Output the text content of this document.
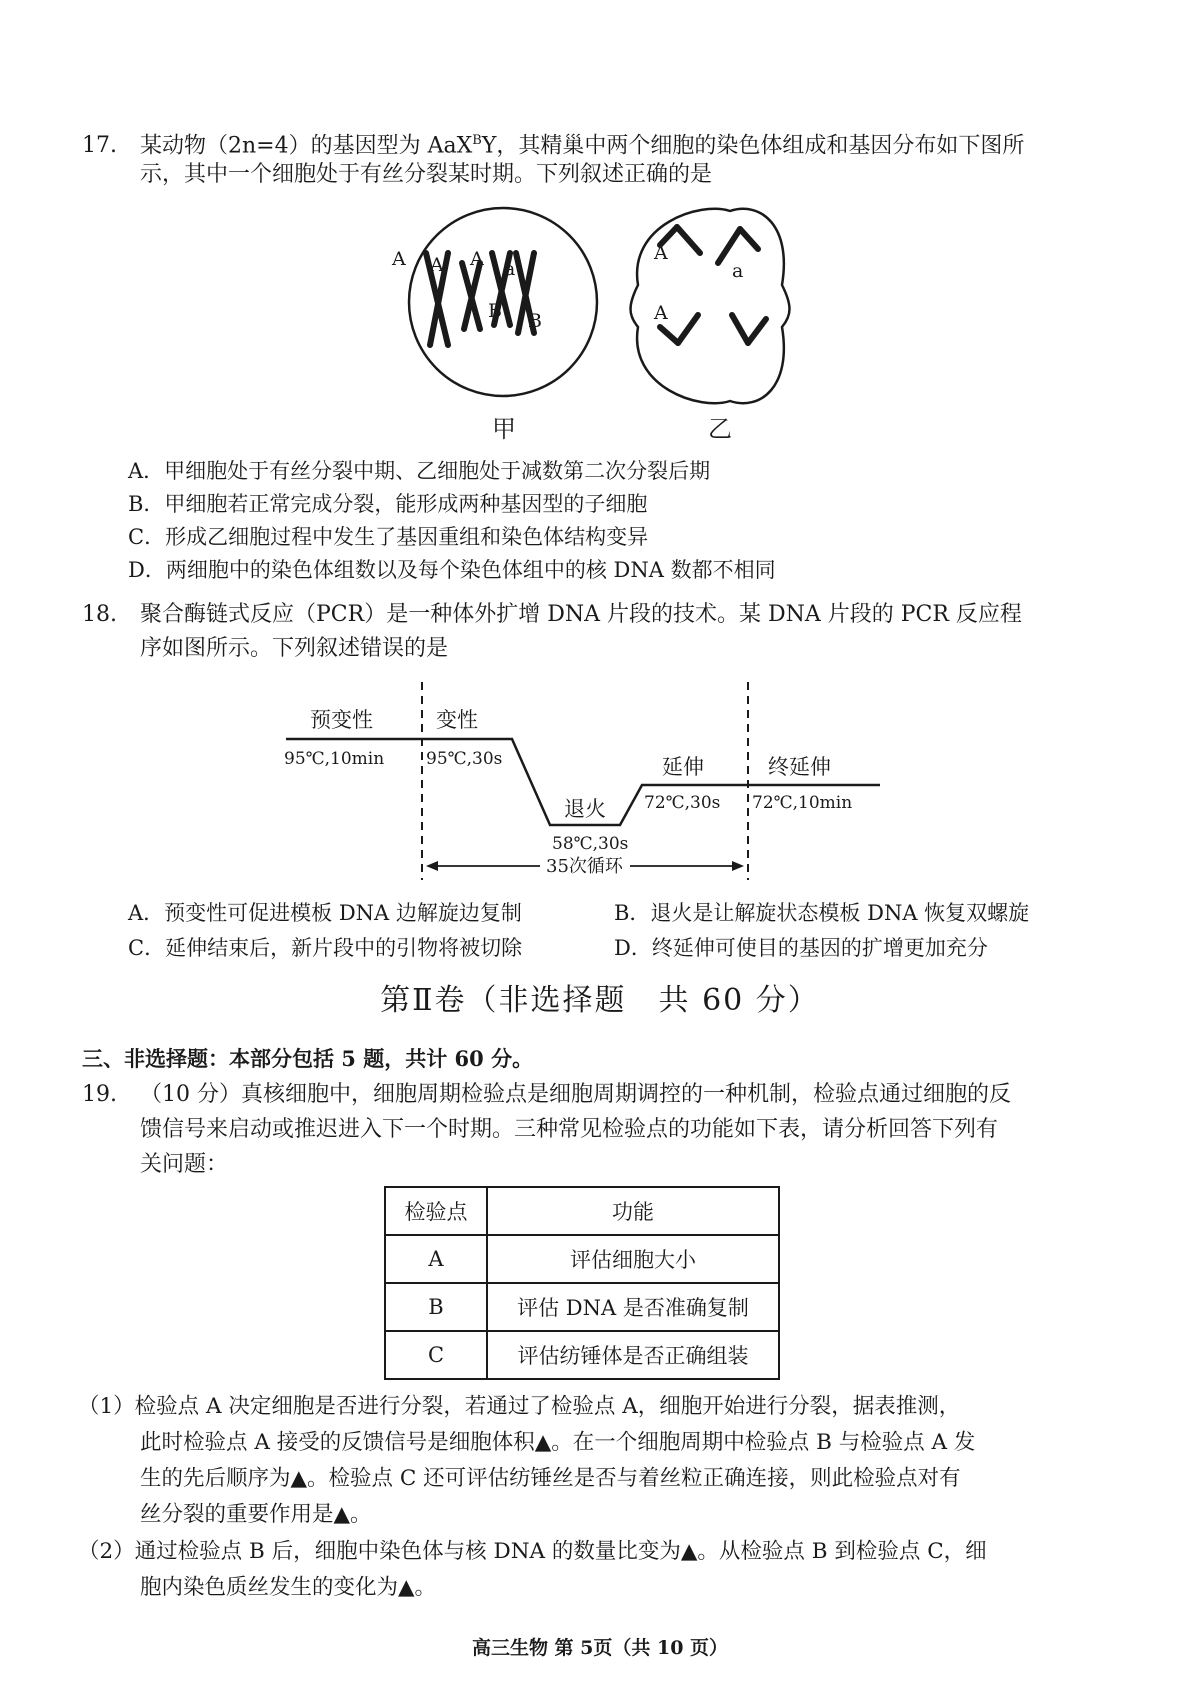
17. 某动物（2n=4）的基因型为 AaX$^B$Y，其精巢中两个细胞的染色体组成和基因分布如下图所
示，其中一个细胞处于有丝分裂某时期。下列叙述正确的是
A A A a
B B
甲
A
a
A
乙
A．甲细胞处于有丝分裂中期、乙细胞处于减数第二次分裂后期
B．甲细胞若正常完成分裂，能形成两种基因型的子细胞
C．形成乙细胞过程中发生了基因重组和染色体结构变异
D．两细胞中的染色体组数以及每个染色体组中的核 DNA 数都不相同
18. 聚合酶链式反应（PCR）是一种体外扩增 DNA 片段的技术。某 DNA 片段的 PCR 反应程
序如图所示。下列叙述错误的是
预变性
95℃,10min
变性
95℃,30s
退火
58℃,30s
延伸
72℃,30s
终延伸
72℃,10min
35次循环
A．预变性可促进模板 DNA 边解旋边复制	B．退火是让解旋状态模板 DNA 恢复双螺旋
C．延伸结束后，新片段中的引物将被切除	D．终延伸可使目的基因的扩增更加充分
第Ⅱ卷（非选择题　共 60 分）
三、非选择题：本部分包括 5 题，共计 60 分。
19. （10 分）真核细胞中，细胞周期检验点是细胞周期调控的一种机制，检验点通过细胞的反
馈信号来启动或推迟进入下一个时期。三种常见检验点的功能如下表，请分析回答下列有
关问题：
检验点	功能
A	评估细胞大小
B	评估 DNA 是否准确复制
C	评估纺锤体是否正确组装
（1）检验点 A 决定细胞是否进行分裂，若通过了检验点 A，细胞开始进行分裂，据表推测，
此时检验点 A 接受的反馈信号是细胞体积▲。在一个细胞周期中检验点 B 与检验点 A 发
生的先后顺序为▲。检验点 C 还可评估纺锤丝是否与着丝粒正确连接，则此检验点对有
丝分裂的重要作用是▲。
（2）通过检验点 B 后，细胞中染色体与核 DNA 的数量比变为▲。从检验点 B 到检验点 C，细
胞内染色质丝发生的变化为▲。
高三生物 第 5页（共 10 页）
